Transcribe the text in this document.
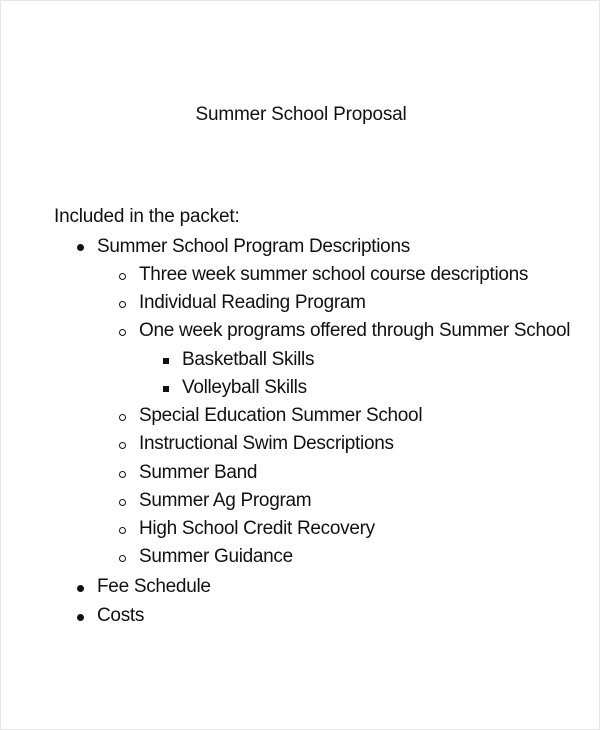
Summer School Proposal
Included in the packet:
Summer School Program Descriptions
Three week summer school course descriptions
Individual Reading Program
One week programs offered through Summer School
Basketball Skills
Volleyball Skills
Special Education Summer School
Instructional Swim Descriptions
Summer Band
Summer Ag Program
High School Credit Recovery
Summer Guidance
Fee Schedule
Costs
